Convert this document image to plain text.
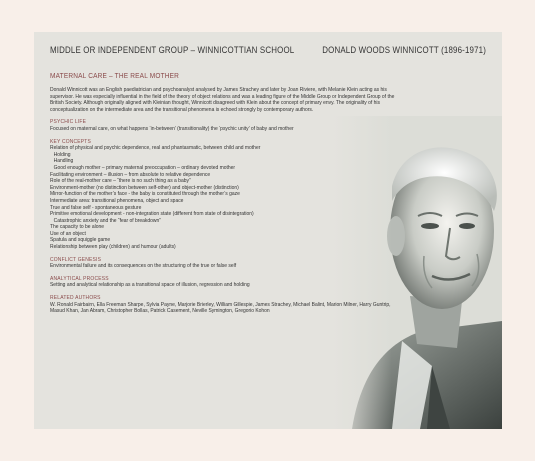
MIDDLE OR INDEPENDENT GROUP – WINNICOTTIAN SCHOOL	DONALD WOODS WINNICOTT (1896-1971)
MATERNAL CARE – THE REAL MOTHER

Donald Winnicott was an English paediatrician and psychoanalyst analysed by James Strachey and later by Joan Riviere, with Melanie Klein acting as his supervisor. He was especially influential in the field of the theory of object relations and was a leading figure of the Middle Group or Independent Group of the British Society. Although originally aligned with Kleinian thought, Winnicott disagreed with Klein about the concept of primary envy. The originality of his conceptualization on the intermediate area and the transitional phenomena is echoed strongly by contemporary authors.

PSYCHIC LIFE
Focused on maternal care, on what happens ‘in-between’ (transitionality) the ‘psychic unity’ of baby and mother
KEY CONCEPTS
Relation of physical and psychic dependence, real and phantasmatic, between child and mother
Holding
Handling
Good enough mother – primary maternal preoccupation – ordinary devoted mother
Facilitating environment – illusion – from absolute to relative dependence
Role of the real-mother care – “there is no such thing as a baby”
Environment-mother (no distinction between self-other) and object-mother (distinction)
Mirror-function of the mother’s face - the baby is constituted through the mother’s gaze
Intermediate area: transitional phenomena, object and space
True and false self - spontaneous gesture
Primitive emotional development - non-integration state (different from state of disintegration)
Catastrophic anxiety and the “fear of breakdown”
The capacity to be alone
Use of an object
Spatula and squiggle game
Relationship between play (children) and humour (adults)
CONFLICT GENESIS
Environmental failure and its consequences on the structuring of the true or false self
ANALYTICAL PROCESS
Setting and analytical relationship as a transitional space of illusion, regression and holding
RELATED AUTHORS
W. Ronald Fairbairn, Ella Freeman Sharpe, Sylvia Payne, Marjorie Brierley, William Gillespie, James Strachey, Michael Balint, Marion Milner, Harry Guntrip, Masud Khan, Jan Abram, Christopher Bollas, Patrick Casement, Neville Symington, Gregorio Kohon
